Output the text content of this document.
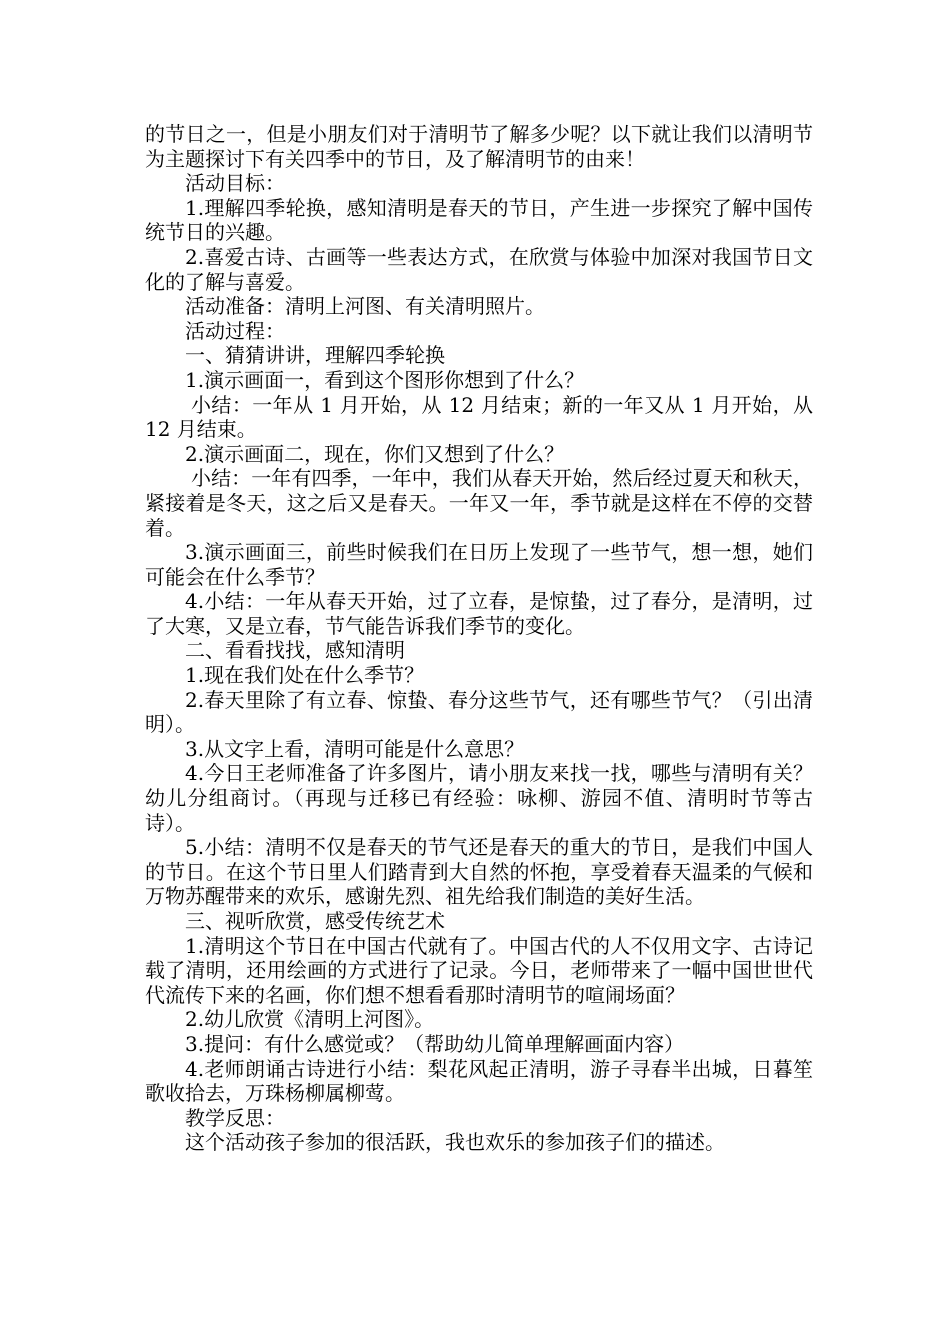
的节日之一，但是小朋友们对于清明节了解多少呢？以下就让我们以清明节为主题探讨下有关四季中的节日，及了解清明节的由来！

活动目标：

1.理解四季轮换，感知清明是春天的节日，产生进一步探究了解中国传统节日的兴趣。

2.喜爱古诗、古画等一些表达方式，在欣赏与体验中加深对我国节日文化的了解与喜爱。

活动准备：清明上河图、有关清明照片。

活动过程：

一、猜猜讲讲，理解四季轮换

1.演示画面一，看到这个图形你想到了什么？

小结：一年从 1 月开始，从 12 月结束；新的一年又从 1 月开始，从 12 月结束。

2.演示画面二，现在，你们又想到了什么？

小结：一年有四季，一年中，我们从春天开始，然后经过夏天和秋天，紧接着是冬天，这之后又是春天。一年又一年，季节就是这样在不停的交替着。

3.演示画面三，前些时候我们在日历上发现了一些节气，想一想，她们可能会在什么季节？

4.小结：一年从春天开始，过了立春，是惊蛰，过了春分，是清明，过了大寒，又是立春，节气能告诉我们季节的变化。

二、看看找找，感知清明

1.现在我们处在什么季节？

2.春天里除了有立春、惊蛰、春分这些节气，还有哪些节气？（引出清明）。

3.从文字上看，清明可能是什么意思？

4.今日王老师准备了许多图片，请小朋友来找一找，哪些与清明有关？幼儿分组商讨。（再现与迁移已有经验：咏柳、游园不值、清明时节等古诗）。

5.小结：清明不仅是春天的节气还是春天的重大的节日，是我们中国人的节日。在这个节日里人们踏青到大自然的怀抱，享受着春天温柔的气候和万物苏醒带来的欢乐，感谢先烈、祖先给我们制造的美好生活。

三、视听欣赏，感受传统艺术

1.清明这个节日在中国古代就有了。中国古代的人不仅用文字、古诗记载了清明，还用绘画的方式进行了记录。今日，老师带来了一幅中国世世代代流传下来的名画，你们想不想看看那时清明节的喧闹场面？

2.幼儿欣赏《清明上河图》。

3.提问：有什么感觉或？（帮助幼儿简单理解画面内容）

4.老师朗诵古诗进行小结：梨花风起正清明，游子寻春半出城，日暮笙歌收拾去，万珠杨柳属柳莺。

教学反思：

这个活动孩子参加的很活跃，我也欢乐的参加孩子们的描述。
